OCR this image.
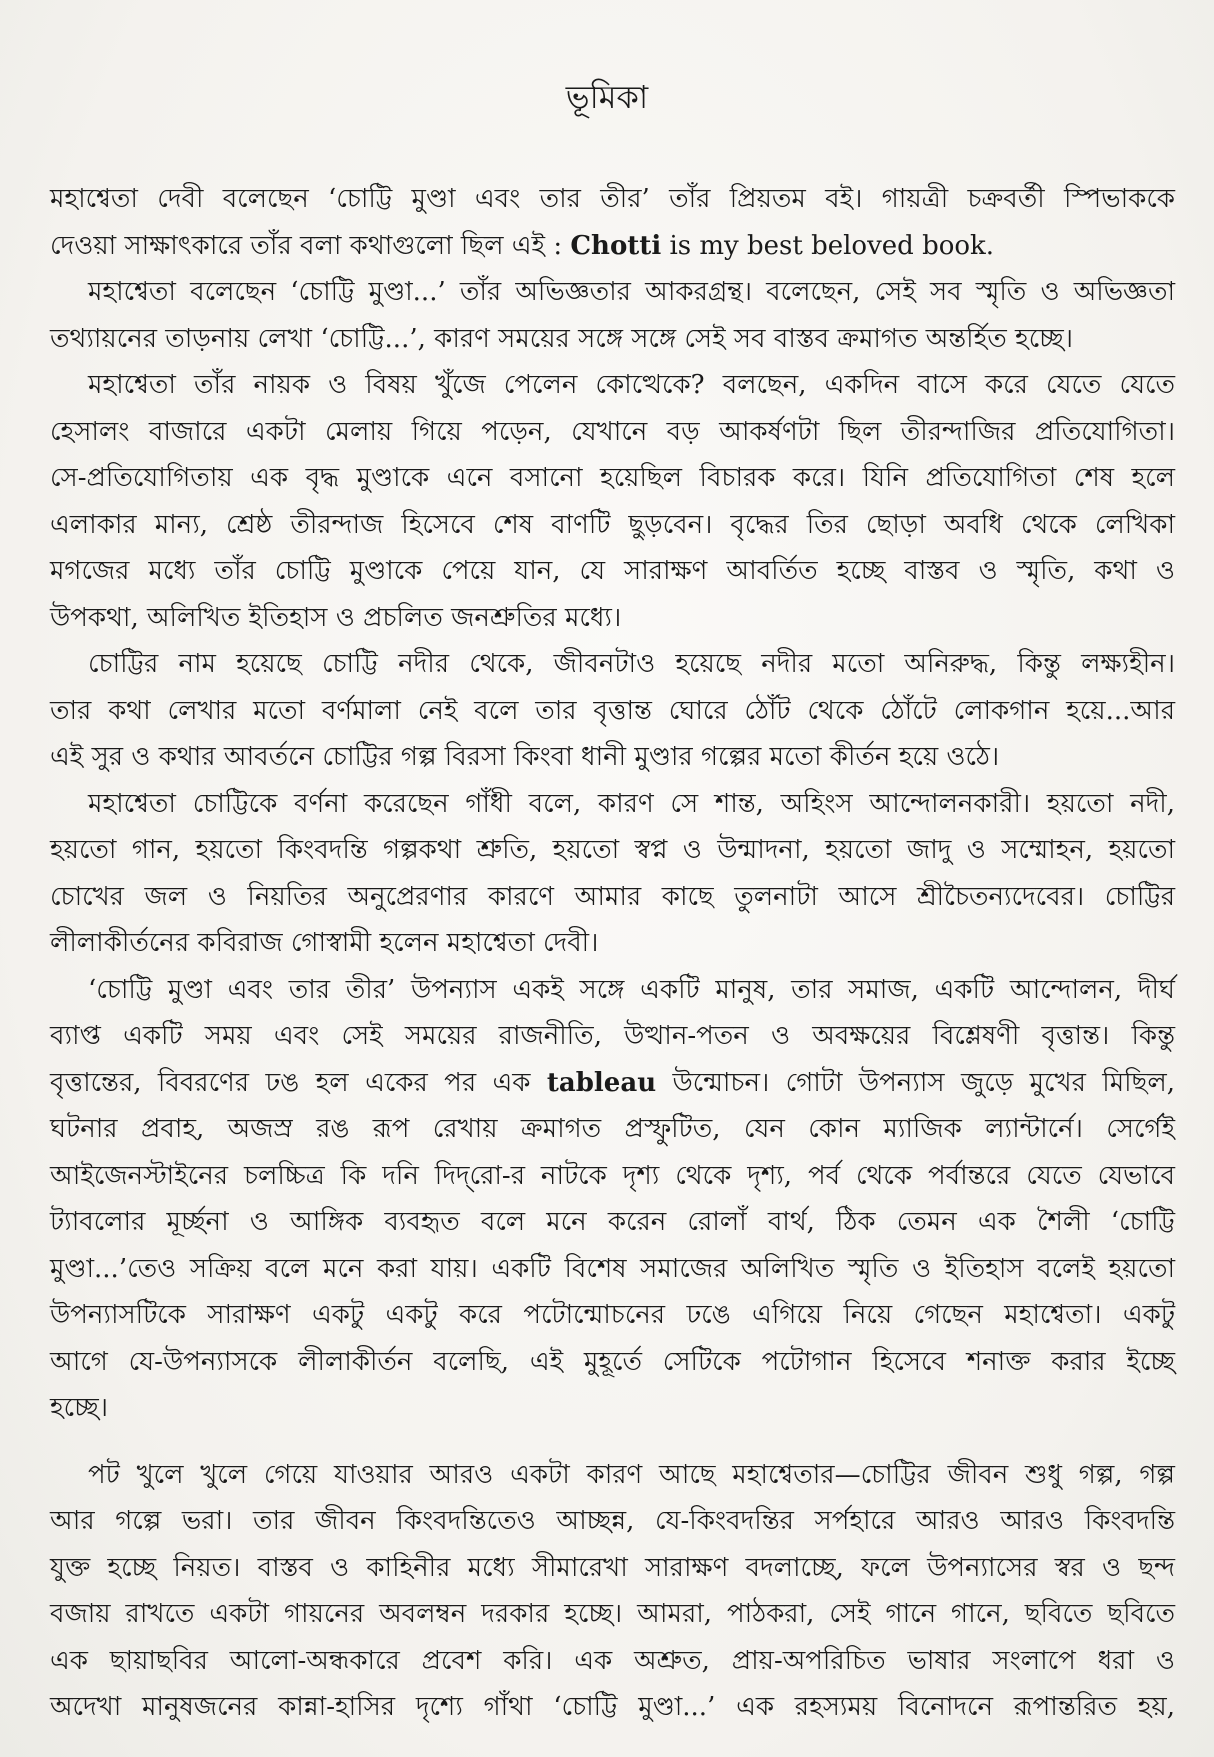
ভূমিকা
মহাশ্বেতা দেবী বলেছেন ‘চোট্টি মুণ্ডা এবং তার তীর’ তাঁর প্রিয়তম বই। গায়ত্রী চক্রবর্তী স্পিভাককে
দেওয়া সাক্ষাৎকারে তাঁর বলা কথাগুলো ছিল এই : Chotti is my best beloved book.
মহাশ্বেতা বলেছেন ‘চোট্টি মুণ্ডা...’ তাঁর অভিজ্ঞতার আকরগ্রন্থ। বলেছেন, সেই সব স্মৃতি ও অভিজ্ঞতা
তথ্যায়নের তাড়নায় লেখা ‘চোট্টি...’, কারণ সময়ের সঙ্গে সঙ্গে সেই সব বাস্তব ক্রমাগত অন্তর্হিত হচ্ছে।
মহাশ্বেতা তাঁর নায়ক ও বিষয় খুঁজে পেলেন কোত্থেকে? বলছেন, একদিন বাসে করে যেতে যেতে
হেসালং বাজারে একটা মেলায় গিয়ে পড়েন, যেখানে বড় আকর্ষণটা ছিল তীরন্দাজির প্রতিযোগিতা।
সে-প্রতিযোগিতায় এক বৃদ্ধ মুণ্ডাকে এনে বসানো হয়েছিল বিচারক করে। যিনি প্রতিযোগিতা শেষ হলে
এলাকার মান্য, শ্রেষ্ঠ তীরন্দাজ হিসেবে শেষ বাণটি ছুড়বেন। বৃদ্ধের তির ছোড়া অবধি থেকে লেখিকা
মগজের মধ্যে তাঁর চোট্টি মুণ্ডাকে পেয়ে যান, যে সারাক্ষণ আবর্তিত হচ্ছে বাস্তব ও স্মৃতি, কথা ও
উপকথা, অলিখিত ইতিহাস ও প্রচলিত জনশ্রুতির মধ্যে।
চোট্টির নাম হয়েছে চোট্টি নদীর থেকে, জীবনটাও হয়েছে নদীর মতো অনিরুদ্ধ, কিন্তু লক্ষ্যহীন।
তার কথা লেখার মতো বর্ণমালা নেই বলে তার বৃত্তান্ত ঘোরে ঠোঁট থেকে ঠোঁটে লোকগান হয়ে...আর
এই সুর ও কথার আবর্তনে চোট্টির গল্প বিরসা কিংবা ধানী মুণ্ডার গল্পের মতো কীর্তন হয়ে ওঠে।
মহাশ্বেতা চোট্টিকে বর্ণনা করেছেন গাঁধী বলে, কারণ সে শান্ত, অহিংস আন্দোলনকারী। হয়তো নদী,
হয়তো গান, হয়তো কিংবদন্তি গল্পকথা শ্রুতি, হয়তো স্বপ্ন ও উন্মাদনা, হয়তো জাদু ও সম্মোহন, হয়তো
চোখের জল ও নিয়তির অনুপ্রেরণার কারণে আমার কাছে তুলনাটা আসে শ্রীচৈতন্যদেবের। চোট্টির
লীলাকীর্তনের কবিরাজ গোস্বামী হলেন মহাশ্বেতা দেবী।
‘চোট্টি মুণ্ডা এবং তার তীর’ উপন্যাস একই সঙ্গে একটি মানুষ, তার সমাজ, একটি আন্দোলন, দীর্ঘ
ব্যাপ্ত একটি সময় এবং সেই সময়ের রাজনীতি, উত্থান-পতন ও অবক্ষয়ের বিশ্লেষণী বৃত্তান্ত। কিন্তু
বৃত্তান্তের, বিবরণের ঢঙ হল একের পর এক tableau উন্মোচন। গোটা উপন্যাস জুড়ে মুখের মিছিল,
ঘটনার প্রবাহ, অজস্র রঙ রূপ রেখায় ক্রমাগত প্রস্ফুটিত, যেন কোন ম্যাজিক ল্যান্টার্নে। সের্গেই
আইজেনস্টাইনের চলচ্চিত্র কি দনি দিদ্‌রো-র নাটকে দৃশ্য থেকে দৃশ্য, পর্ব থেকে পর্বান্তরে যেতে যেভাবে
ট্যাবলোর মূর্চ্ছনা ও আঙ্গিক ব্যবহৃত বলে মনে করেন রোলাঁ বার্থ, ঠিক তেমন এক শৈলী ‘চোট্টি
মুণ্ডা...’তেও সক্রিয় বলে মনে করা যায়। একটি বিশেষ সমাজের অলিখিত স্মৃতি ও ইতিহাস বলেই হয়তো
উপন্যাসটিকে সারাক্ষণ একটু একটু করে পটোন্মোচনের ঢঙে এগিয়ে নিয়ে গেছেন মহাশ্বেতা। একটু
আগে যে-উপন্যাসকে লীলাকীর্তন বলেছি, এই মুহূর্তে সেটিকে পটোগান হিসেবে শনাক্ত করার ইচ্ছে
হচ্ছে।
পট খুলে খুলে গেয়ে যাওয়ার আরও একটা কারণ আছে মহাশ্বেতার—চোট্টির জীবন শুধু গল্প, গল্প
আর গল্পে ভরা। তার জীবন কিংবদন্তিতেও আচ্ছন্ন, যে-কিংবদন্তির সর্পহারে আরও আরও কিংবদন্তি
যুক্ত হচ্ছে নিয়ত। বাস্তব ও কাহিনীর মধ্যে সীমারেখা সারাক্ষণ বদলাচ্ছে, ফলে উপন্যাসের স্বর ও ছন্দ
বজায় রাখতে একটা গায়নের অবলম্বন দরকার হচ্ছে। আমরা, পাঠকরা, সেই গানে গানে, ছবিতে ছবিতে
এক ছায়াছবির আলো-অন্ধকারে প্রবেশ করি। এক অশ্রুত, প্রায়-অপরিচিত ভাষার সংলাপে ধরা ও
অদেখা মানুষজনের কান্না-হাসির দৃশ্যে গাঁথা ‘চোট্টি মুণ্ডা...’ এক রহস্যময় বিনোদনে রূপান্তরিত হয়,
